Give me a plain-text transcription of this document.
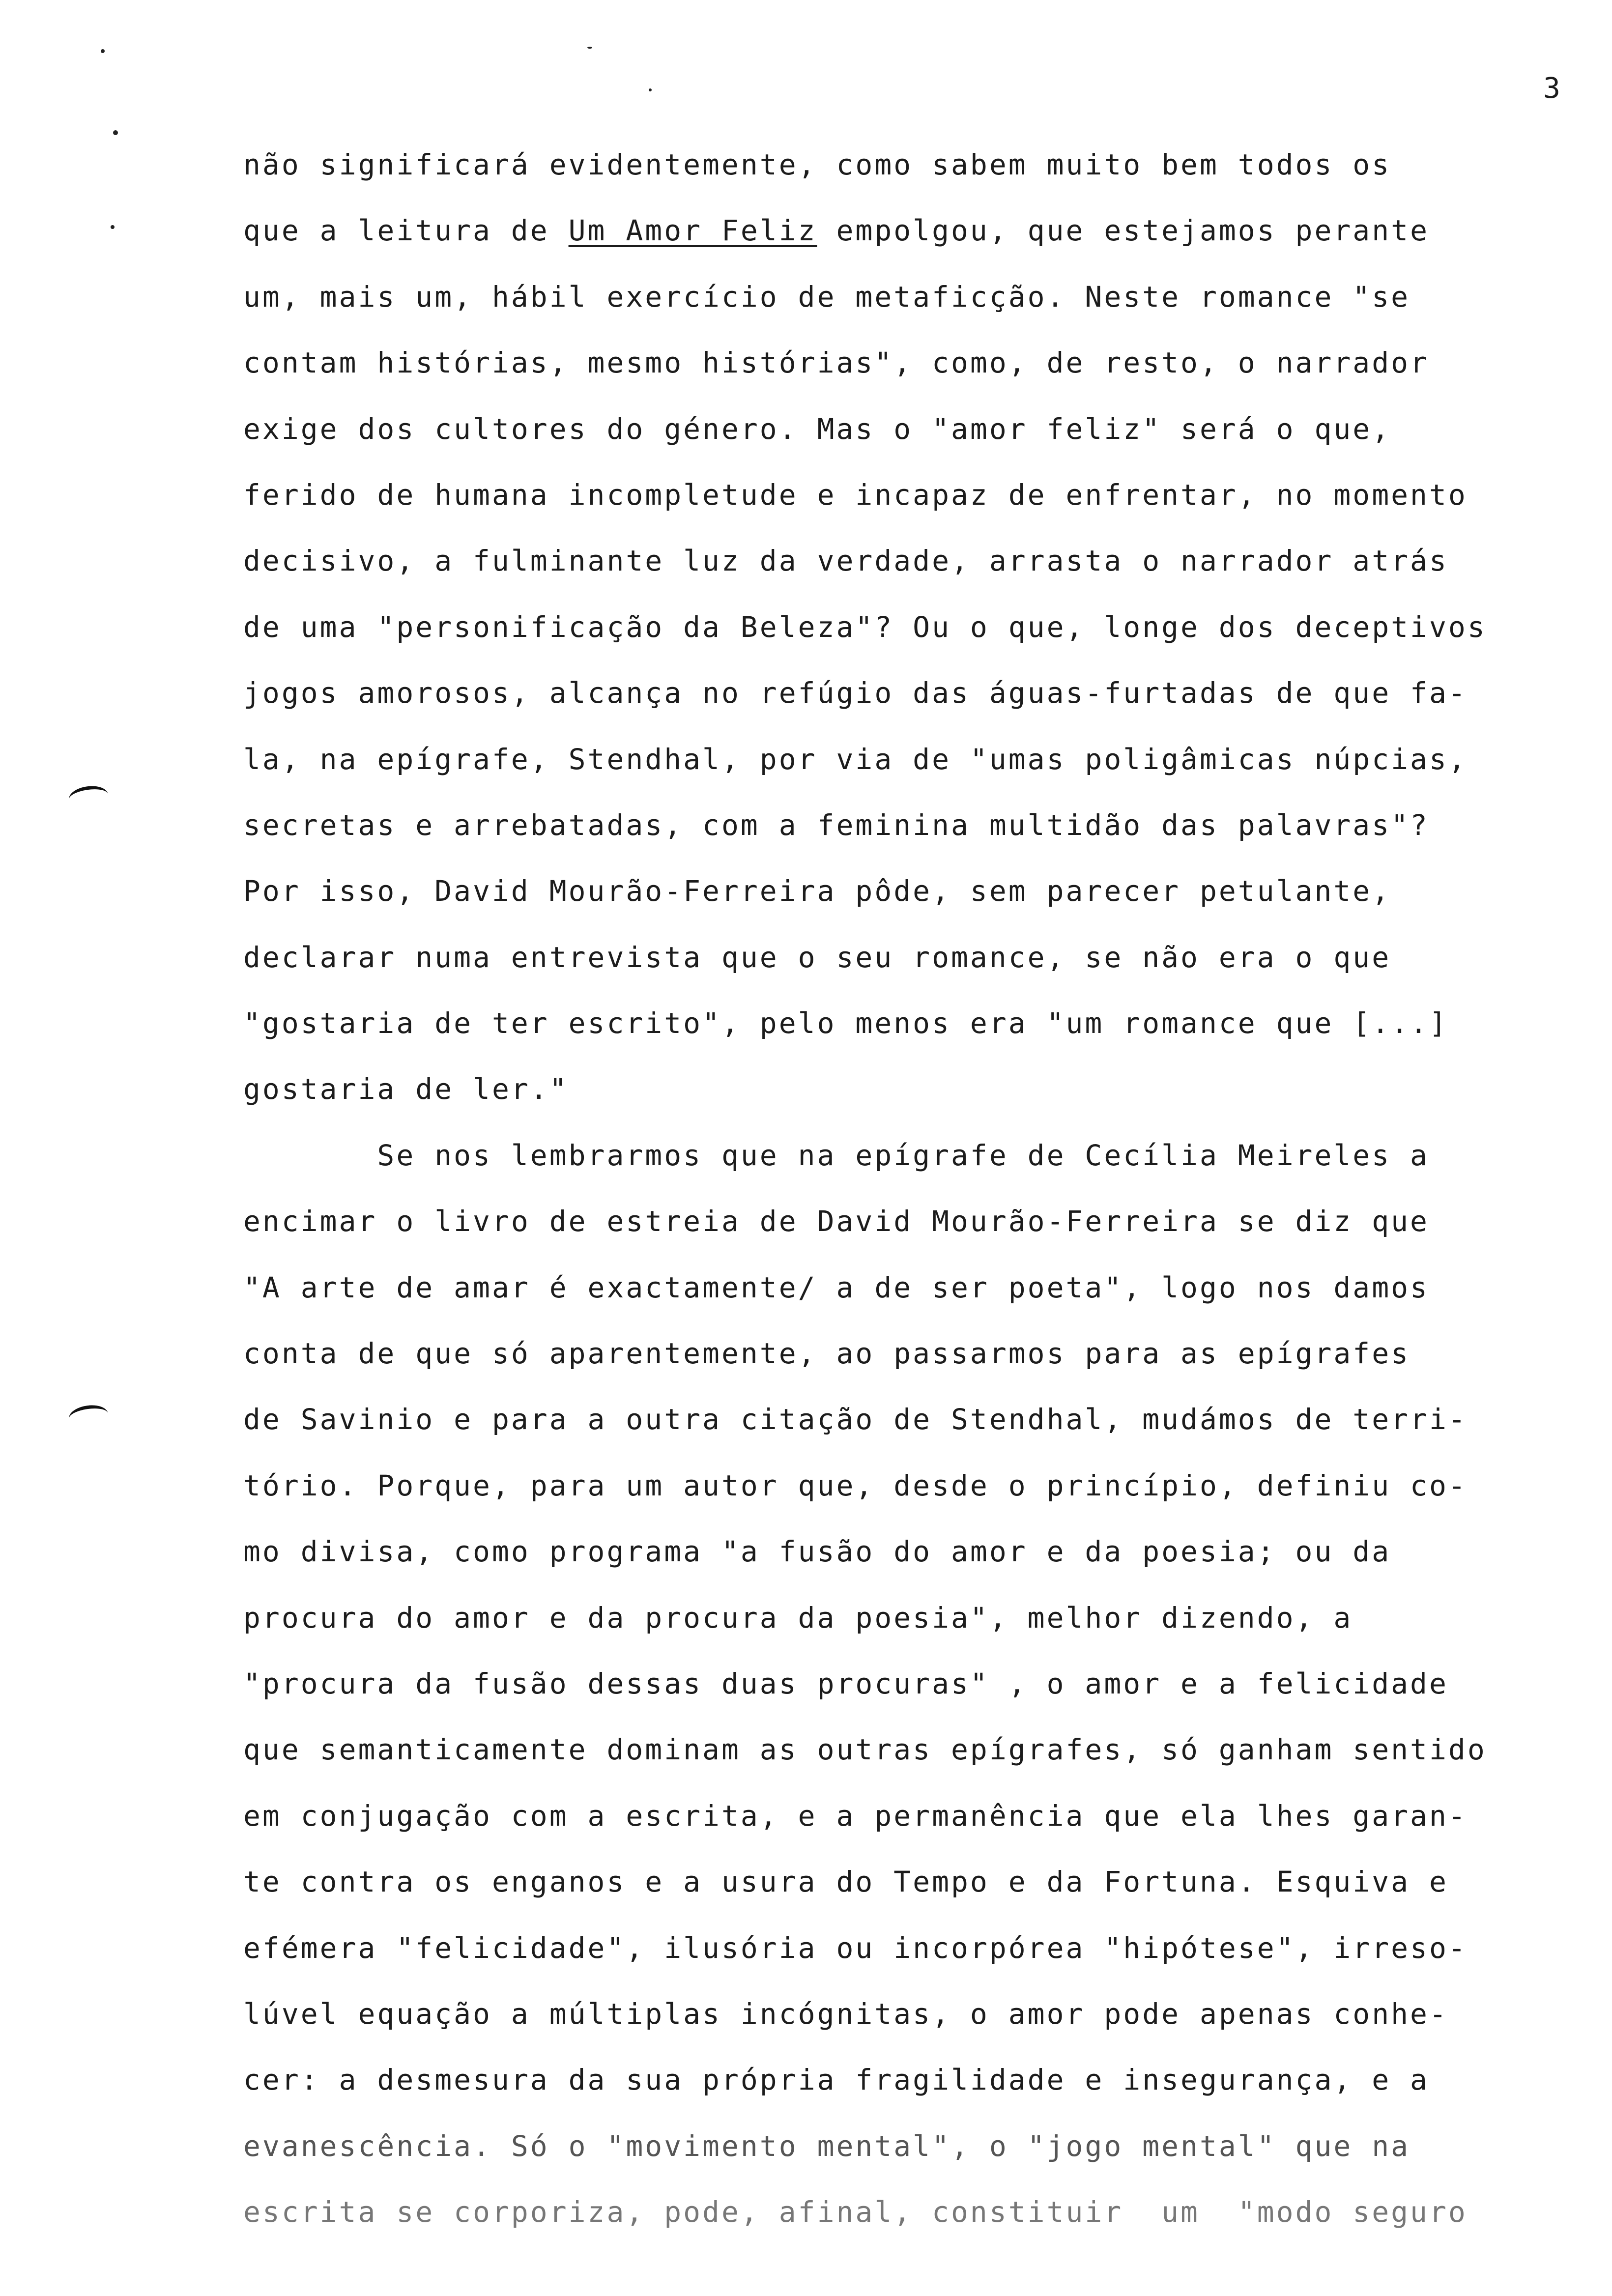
3
não significará evidentemente, como sabem muito bem todos os
que a leitura de Um Amor Feliz empolgou, que estejamos perante
um, mais um, hábil exercício de metaficção. Neste romance "se
contam histórias, mesmo histórias", como, de resto, o narrador
exige dos cultores do género. Mas o "amor feliz" será o que,
ferido de humana incompletude e incapaz de enfrentar, no momento
decisivo, a fulminante luz da verdade, arrasta o narrador atrás
de uma "personificação da Beleza"? Ou o que, longe dos deceptivos
jogos amorosos, alcança no refúgio das águas-furtadas de que fa-
la, na epígrafe, Stendhal, por via de "umas poligâmicas núpcias,
secretas e arrebatadas, com a feminina multidão das palavras"?
Por isso, David Mourão-Ferreira pôde, sem parecer petulante,
declarar numa entrevista que o seu romance, se não era o que
"gostaria de ter escrito", pelo menos era "um romance que [...]
gostaria de ler."
Se nos lembrarmos que na epígrafe de Cecília Meireles a
encimar o livro de estreia de David Mourão-Ferreira se diz que
"A arte de amar é exactamente/ a de ser poeta", logo nos damos
conta de que só aparentemente, ao passarmos para as epígrafes
de Savinio e para a outra citação de Stendhal, mudámos de terri-
tório. Porque, para um autor que, desde o princípio, definiu co-
mo divisa, como programa "a fusão do amor e da poesia; ou da
procura do amor e da procura da poesia", melhor dizendo, a
"procura da fusão dessas duas procuras" , o amor e a felicidade
que semanticamente dominam as outras epígrafes, só ganham sentido
em conjugação com a escrita, e a permanência que ela lhes garan-
te contra os enganos e a usura do Tempo e da Fortuna. Esquiva e
efémera "felicidade", ilusória ou incorpórea "hipótese", irreso-
lúvel equação a múltiplas incógnitas, o amor pode apenas conhe-
cer: a desmesura da sua própria fragilidade e insegurança, e a
evanescência. Só o "movimento mental", o "jogo mental" que na
escrita se corporiza, pode, afinal, constituir  um  "modo seguro
